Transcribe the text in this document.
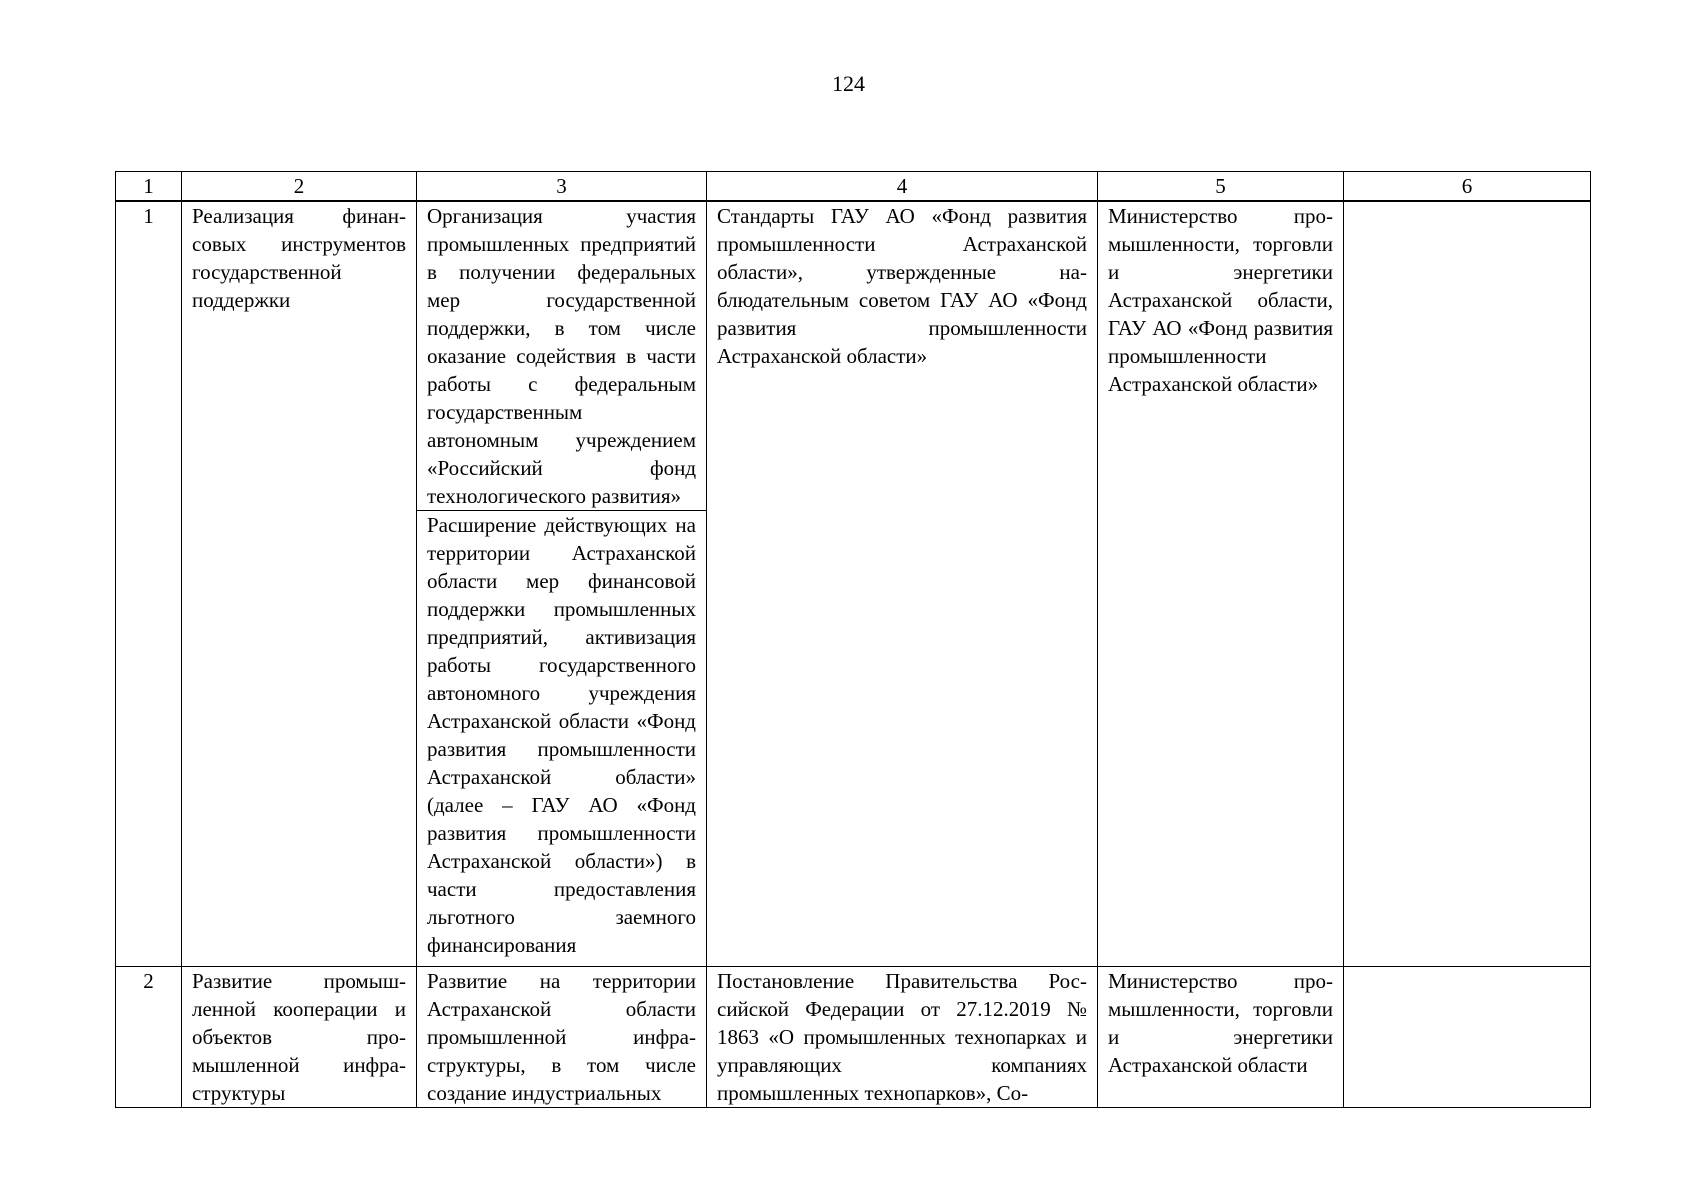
124
1	2	3	4	5	6
1	Реализация финансовых инструментов государственной поддержки	Организация участия промышленных предприятий в получении федеральных мер государственной поддержки, в том числе оказание содействия в части работы с федеральным государственным автономным учреждением «Российский фонд технологического развития»	Стандарты ГАУ АО «Фонд развития промышленности Астраханской области», утвержденные наблюдательным советом ГАУ АО «Фонд развития промышленности Астраханской области»	Министерство промышленности, торговли и энергетики Астраханской области, ГАУ АО «Фонд развития промышленности Астраханской области»	

		Расширение действующих на территории Астраханской области мер финансовой поддержки промышленных предприятий, активизация работы государственного автономного учреждения Астраханской области «Фонд развития промышленности Астраханской области» (далее – ГАУ АО «Фонд развития промышленности Астраханской области») в части предоставления льготного заемного финансирования			

2	Развитие промышленной кооперации и объектов промышленной инфраструктуры	Развитие на территории Астраханской области промышленной инфраструктуры, в том числе создание индустриальных	Постановление Правительства Российской Федерации от 27.12.2019 № 1863 «О промышленных технопарках и управляющих компаниях промышленных технопарков», Со-	Министерство промышленности, торговли и энергетики Астраханской области	
